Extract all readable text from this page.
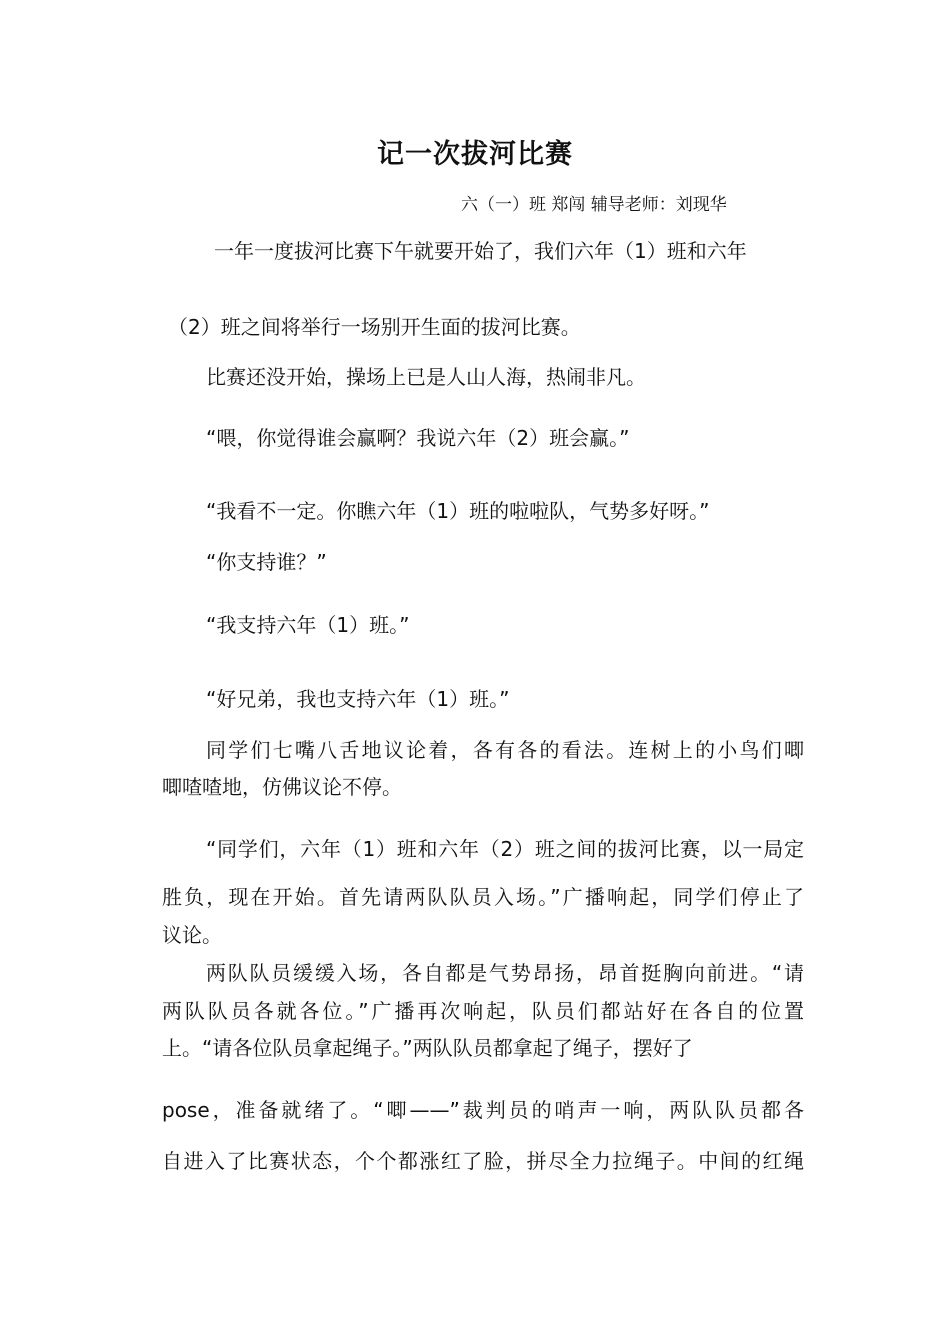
记一次拔河比赛
六（一）班 郑闯 辅导老师：刘现华
一年一度拔河比赛下午就要开始了，我们六年（1）班和六年
（2）班之间将举行一场别开生面的拔河比赛。
比赛还没开始，操场上已是人山人海，热闹非凡。
“喂，你觉得谁会赢啊？我说六年（2）班会赢。”
“我看不一定。你瞧六年（1）班的啦啦队，气势多好呀。”
“你支持谁？”
“我支持六年（1）班。”
“好兄弟，我也支持六年（1）班。”
同学们七嘴八舌地议论着，各有各的看法。连树上的小鸟们唧
唧喳喳地，仿佛议论不停。
“同学们，六年（1）班和六年（2）班之间的拔河比赛，以一局定
胜负，现在开始。首先请两队队员入场。”广播响起，同学们停止了
议论。
两队队员缓缓入场，各自都是气势昂扬，昂首挺胸向前进。“请
两队队员各就各位。”广播再次响起，队员们都站好在各自的位置
上。“请各位队员拿起绳子。”两队队员都拿起了绳子，摆好了
pose，准备就绪了。“唧——”裁判员的哨声一响，两队队员都各
自进入了比赛状态，个个都涨红了脸，拼尽全力拉绳子。中间的红绳
